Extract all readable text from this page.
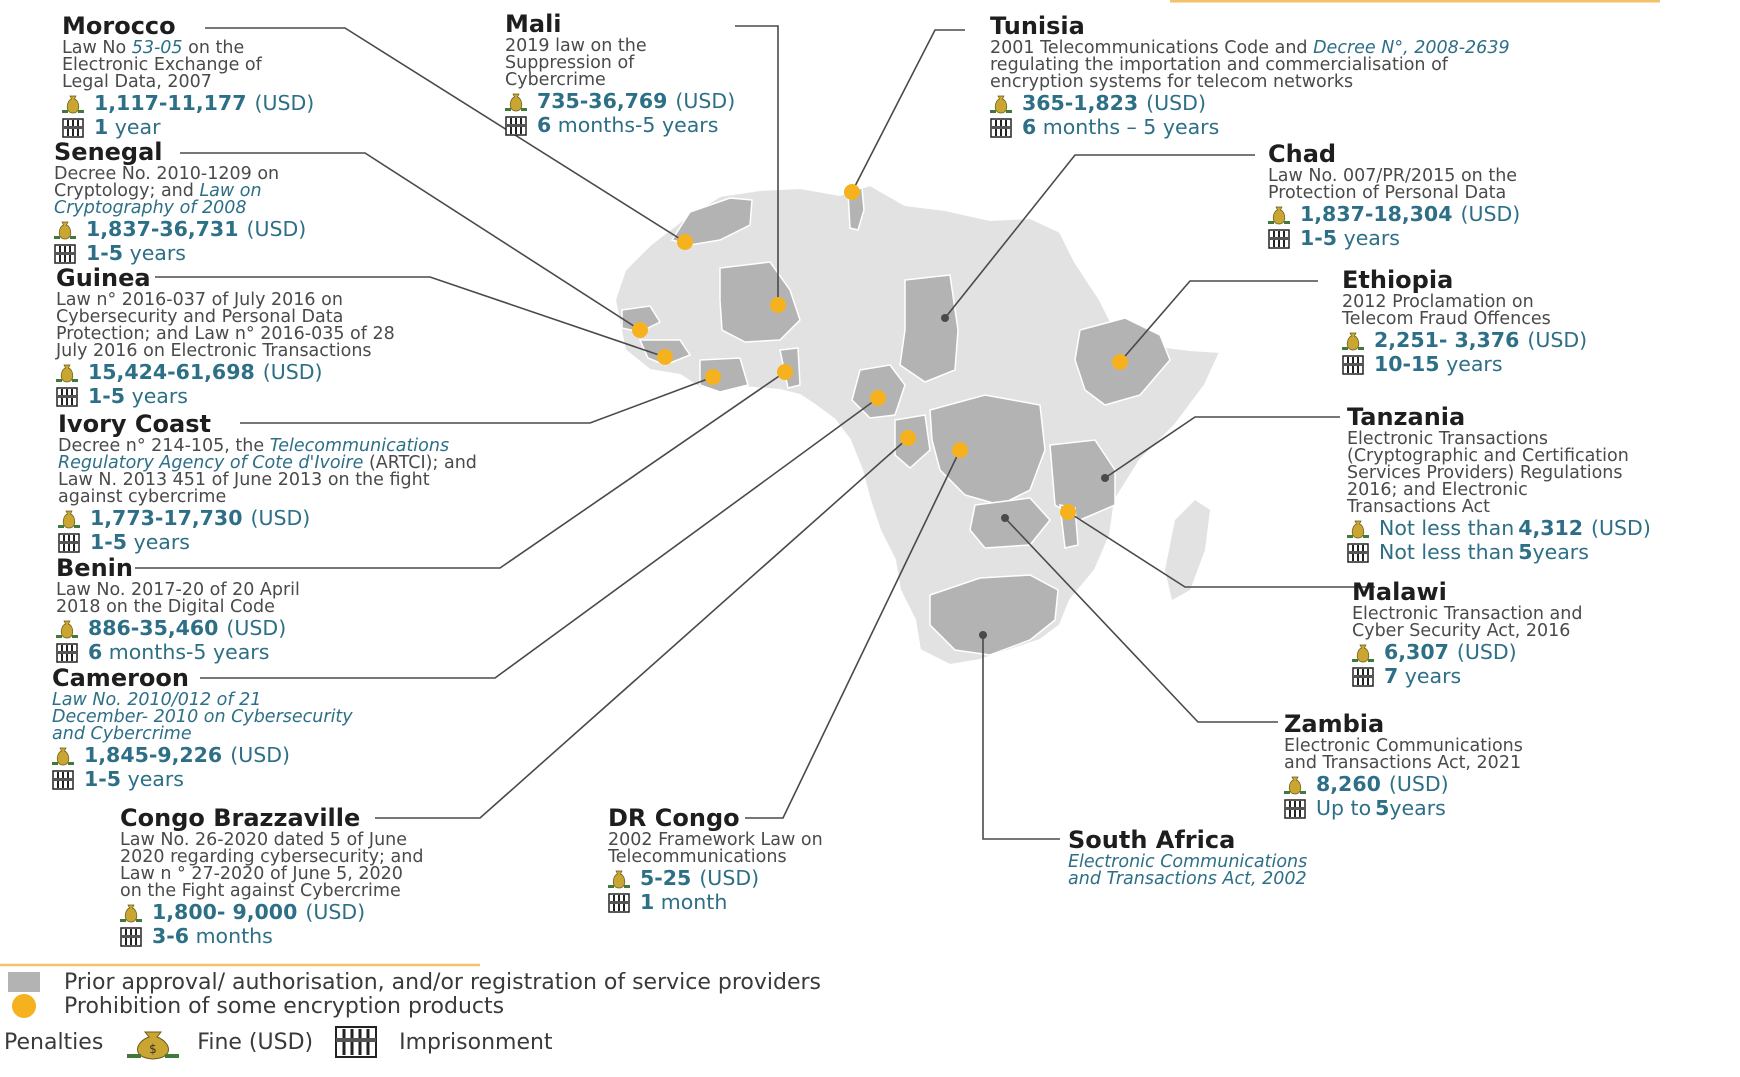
Morocco
Law No 53-05 on the
Electronic Exchange of
Legal Data, 2007
1,117-11,177 (USD)
1 year
Senegal
Decree No. 2010-1209 on
Cryptology; and Law on
Cryptography of 2008
1,837-36,731 (USD)
1-5 years
Guinea
Law n° 2016-037 of July 2016 on
Cybersecurity and Personal Data
Protection; and Law n° 2016-035 of 28
July 2016 on Electronic Transactions
15,424-61,698 (USD)
1-5 years
Ivory Coast
Decree n° 214-105, the Telecommunications
Regulatory Agency of Cote d'Ivoire (ARTCI); and
Law N. 2013 451 of June 2013 on the fight
against cybercrime
1,773-17,730 (USD)
1-5 years
Benin
Law No. 2017-20 of 20 April
2018 on the Digital Code
886-35,460 (USD)
6 months-5 years
Cameroon
Law No. 2010/012 of 21
December- 2010 on Cybersecurity
and Cybercrime
1,845-9,226 (USD)
1-5 years
Congo Brazzaville
Law No. 26-2020 dated 5 of June
2020 regarding cybersecurity; and
Law n ° 27-2020 of June 5, 2020
on the Fight against Cybercrime
1,800- 9,000 (USD)
3-6 months
Mali
2019 law on the
Suppression of
Cybercrime
735-36,769 (USD)
6 months-5 years
DR Congo
2002 Framework Law on
Telecommunications
5-25 (USD)
1 month
Tunisia
2001 Telecommunications Code and Decree N°, 2008-2639
regulating the importation and commercialisation of
encryption systems for telecom networks
365-1,823 (USD)
6 months – 5 years
Chad
Law No. 007/PR/2015 on the
Protection of Personal Data
1,837-18,304 (USD)
1-5 years
Ethiopia
2012 Proclamation on
Telecom Fraud Offences
2,251- 3,376 (USD)
10-15 years
Tanzania
Electronic Transactions
(Cryptographic and Certification
Services Providers) Regulations
2016; and Electronic
Transactions Act
Not less than 4,312 (USD)
Not less than 5 years
Malawi
Electronic Transaction and
Cyber Security Act, 2016
6,307 (USD)
7 years
Zambia
Electronic Communications
and Transactions Act, 2021
8,260 (USD)
Up to 5 years
South Africa
Electronic Communications
and Transactions Act, 2002
Prior approval/ authorisation, and/or registration of service providers
Prohibition of some encryption products
Penalties	$ Fine (USD)	Imprisonment
